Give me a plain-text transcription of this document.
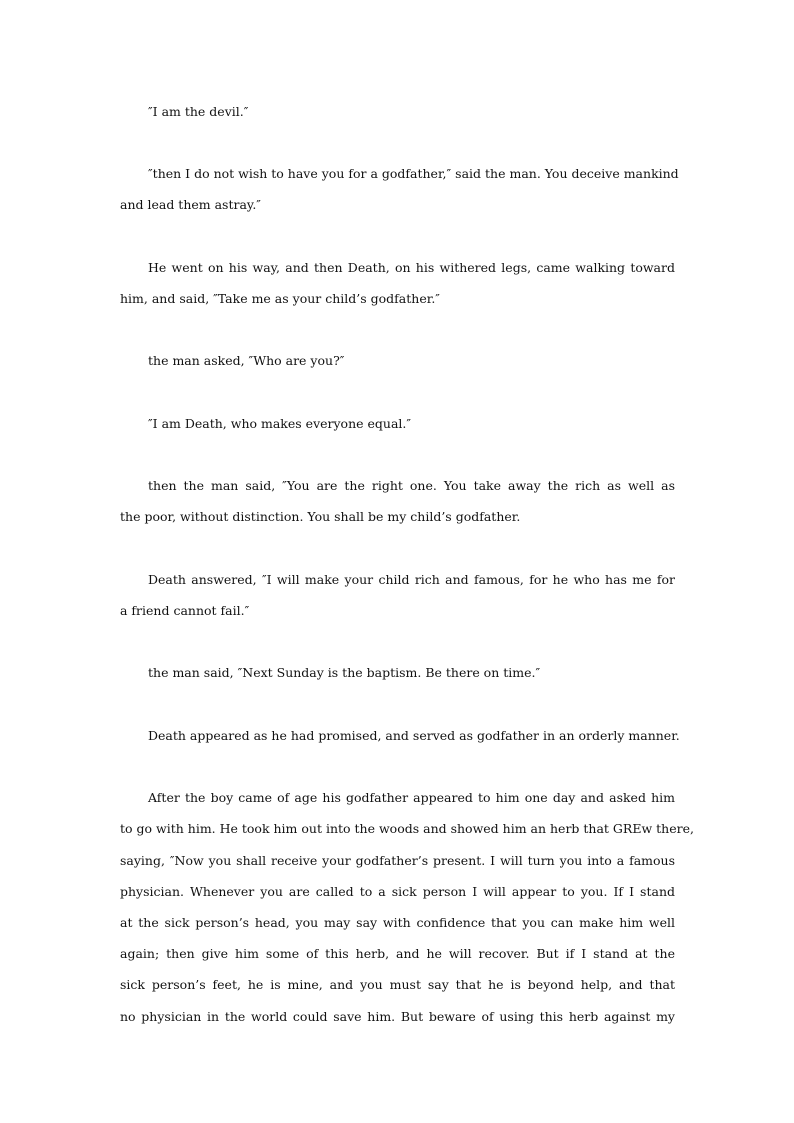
″I am the devil.″
″then I do not wish to have you for a godfather,″ said the man. You deceive mankind
and lead them astray.″
He went on his way, and then Death, on his withered legs, came walking toward
him, and said, ″Take me as your child’s godfather.″
the man asked, ″Who are you?″
″I am Death, who makes everyone equal.″
then the man said, ″You are the right one. You take away the rich as well as
the poor, without distinction. You shall be my child’s godfather.
Death answered, ″I will make your child rich and famous, for he who has me for
a friend cannot fail.″
the man said, ″Next Sunday is the baptism. Be there on time.″
Death appeared as he had promised, and served as godfather in an orderly manner.
After the boy came of age his godfather appeared to him one day and asked him
to go with him. He took him out into the woods and showed him an herb that GREw there,
saying, ″Now you shall receive your godfather’s present. I will turn you into a famous
physician. Whenever you are called to a sick person I will appear to you. If I stand
at the sick person’s head, you may say with confidence that you can make him well
again; then give him some of this herb, and he will recover. But if I stand at the
sick person’s feet, he is mine, and you must say that he is beyond help, and that
no physician in the world could save him. But beware of using this herb against my
